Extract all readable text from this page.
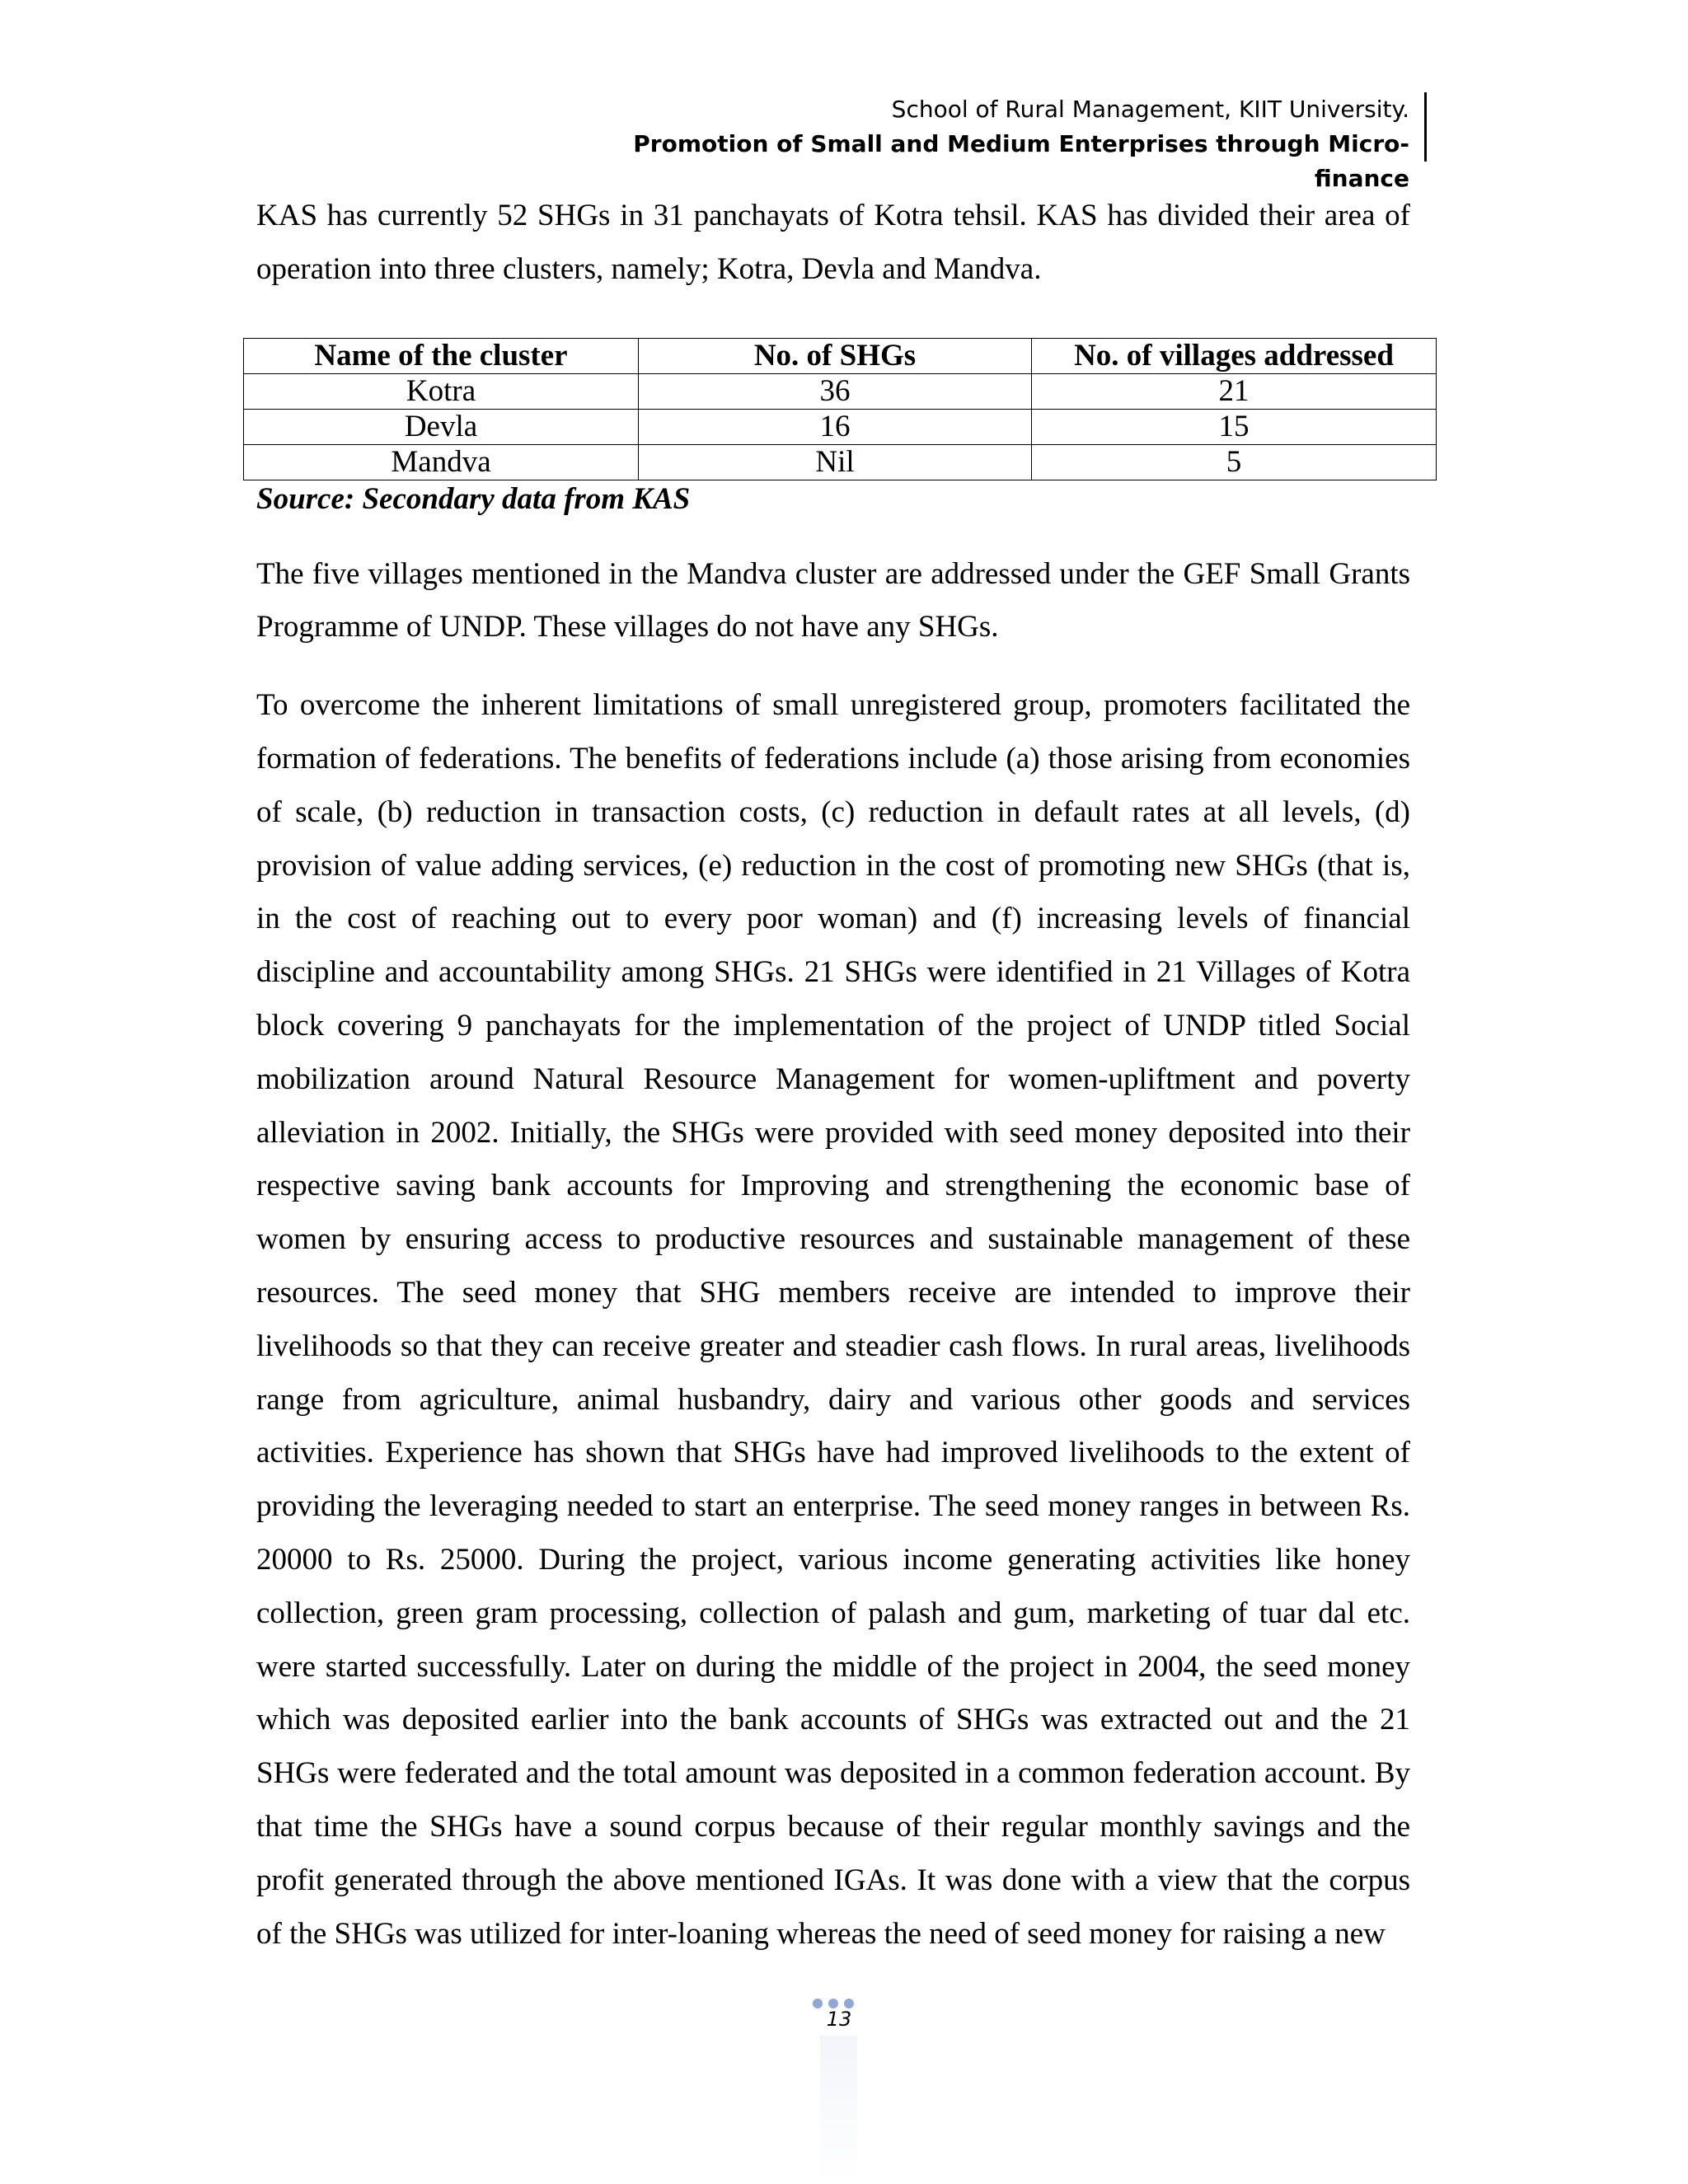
School of Rural Management, KIIT University.
Promotion of Small and Medium Enterprises through Micro-finance

KAS has currently 52 SHGs in 31 panchayats of Kotra tehsil. KAS has divided their area of operation into three clusters, namely; Kotra, Devla and Mandva.

Name of the cluster	No. of SHGs	No. of villages addressed
Kotra	36	21
Devla	16	15
Mandva	Nil	5
Source: Secondary data from KAS

The five villages mentioned in the Mandva cluster are addressed under the GEF Small Grants Programme of UNDP. These villages do not have any SHGs.

To overcome the inherent limitations of small unregistered group, promoters facilitated the formation of federations. The benefits of federations include (a) those arising from economies of scale, (b) reduction in transaction costs, (c) reduction in default rates at all levels, (d) provision of value adding services, (e) reduction in the cost of promoting new SHGs (that is, in the cost of reaching out to every poor woman) and (f) increasing levels of financial discipline and accountability among SHGs. 21 SHGs were identified in 21 Villages of Kotra block covering 9 panchayats for the implementation of the project of UNDP titled Social mobilization around Natural Resource Management for women-upliftment and poverty alleviation in 2002. Initially, the SHGs were provided with seed money deposited into their respective saving bank accounts for Improving and strengthening the economic base of women by ensuring access to productive resources and sustainable management of these resources. The seed money that SHG members receive are intended to improve their livelihoods so that they can receive greater and steadier cash flows. In rural areas, livelihoods range from agriculture, animal husbandry, dairy and various other goods and services activities. Experience has shown that SHGs have had improved livelihoods to the extent of providing the leveraging needed to start an enterprise. The seed money ranges in between Rs. 20000 to Rs. 25000. During the project, various income generating activities like honey collection, green gram processing, collection of palash and gum, marketing of tuar dal etc. were started successfully. Later on during the middle of the project in 2004, the seed money which was deposited earlier into the bank accounts of SHGs was extracted out and the 21 SHGs were federated and the total amount was deposited in a common federation account. By that time the SHGs have a sound corpus because of their regular monthly savings and the profit generated through the above mentioned IGAs. It was done with a view that the corpus of the SHGs was utilized for inter-loaning whereas the need of seed money for raising a new

13
